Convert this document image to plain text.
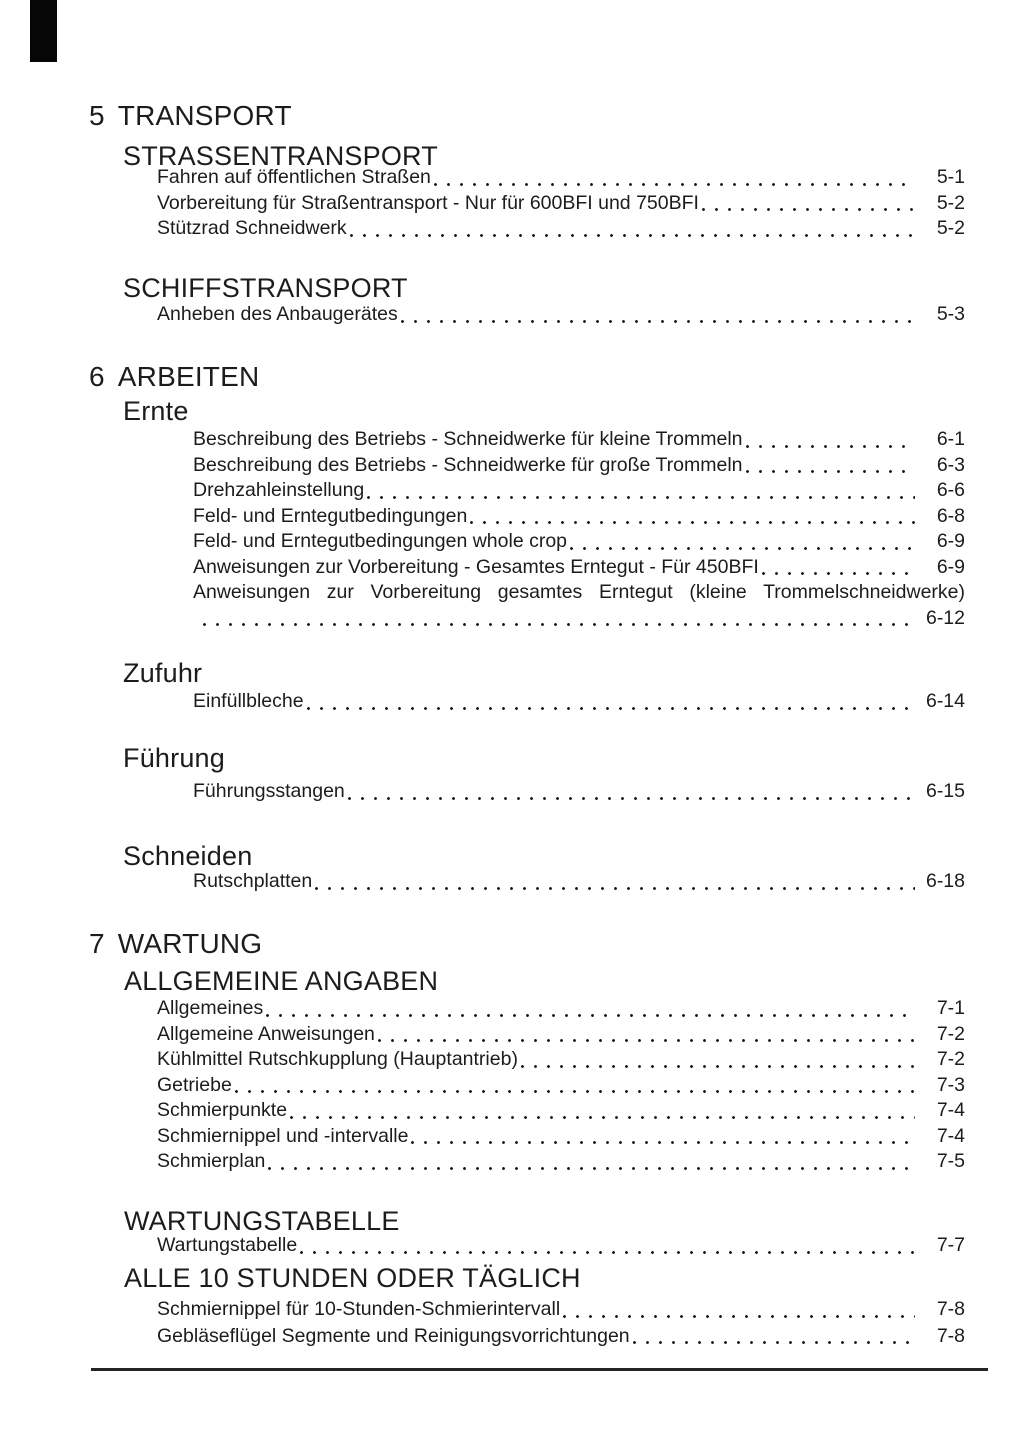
5 TRANSPORT
STRASSENTRANSPORT
Fahren auf öffentlichen Straßen	5-1
Vorbereitung für Straßentransport - Nur für 600BFI und 750BFI	5-2
Stützrad Schneidwerk	5-2
SCHIFFSTRANSPORT
Anheben des Anbaugerätes	5-3
6 ARBEITEN
Ernte
Beschreibung des Betriebs - Schneidwerke für kleine Trommeln	6-1
Beschreibung des Betriebs - Schneidwerke für große Trommeln	6-3
Drehzahleinstellung	6-6
Feld- und Erntegutbedingungen	6-8
Feld- und Erntegutbedingungen whole crop	6-9
Anweisungen zur Vorbereitung - Gesamtes Erntegut - Für 450BFI	6-9
Anweisungen zur Vorbereitung gesamtes Erntegut (kleine Trommelschneidwerke)
6-12
Zufuhr
Einfüllbleche	6-14
Führung
Führungsstangen	6-15
Schneiden
Rutschplatten	6-18
7 WARTUNG
ALLGEMEINE ANGABEN
Allgemeines	7-1
Allgemeine Anweisungen	7-2
Kühlmittel Rutschkupplung (Hauptantrieb)	7-2
Getriebe	7-3
Schmierpunkte	7-4
Schmiernippel und -intervalle	7-4
Schmierplan	7-5
WARTUNGSTABELLE
Wartungstabelle	7-7
ALLE 10 STUNDEN ODER TÄGLICH
Schmiernippel für 10-Stunden-Schmierintervall	7-8
Gebläseflügel Segmente und Reinigungsvorrichtungen	7-8
